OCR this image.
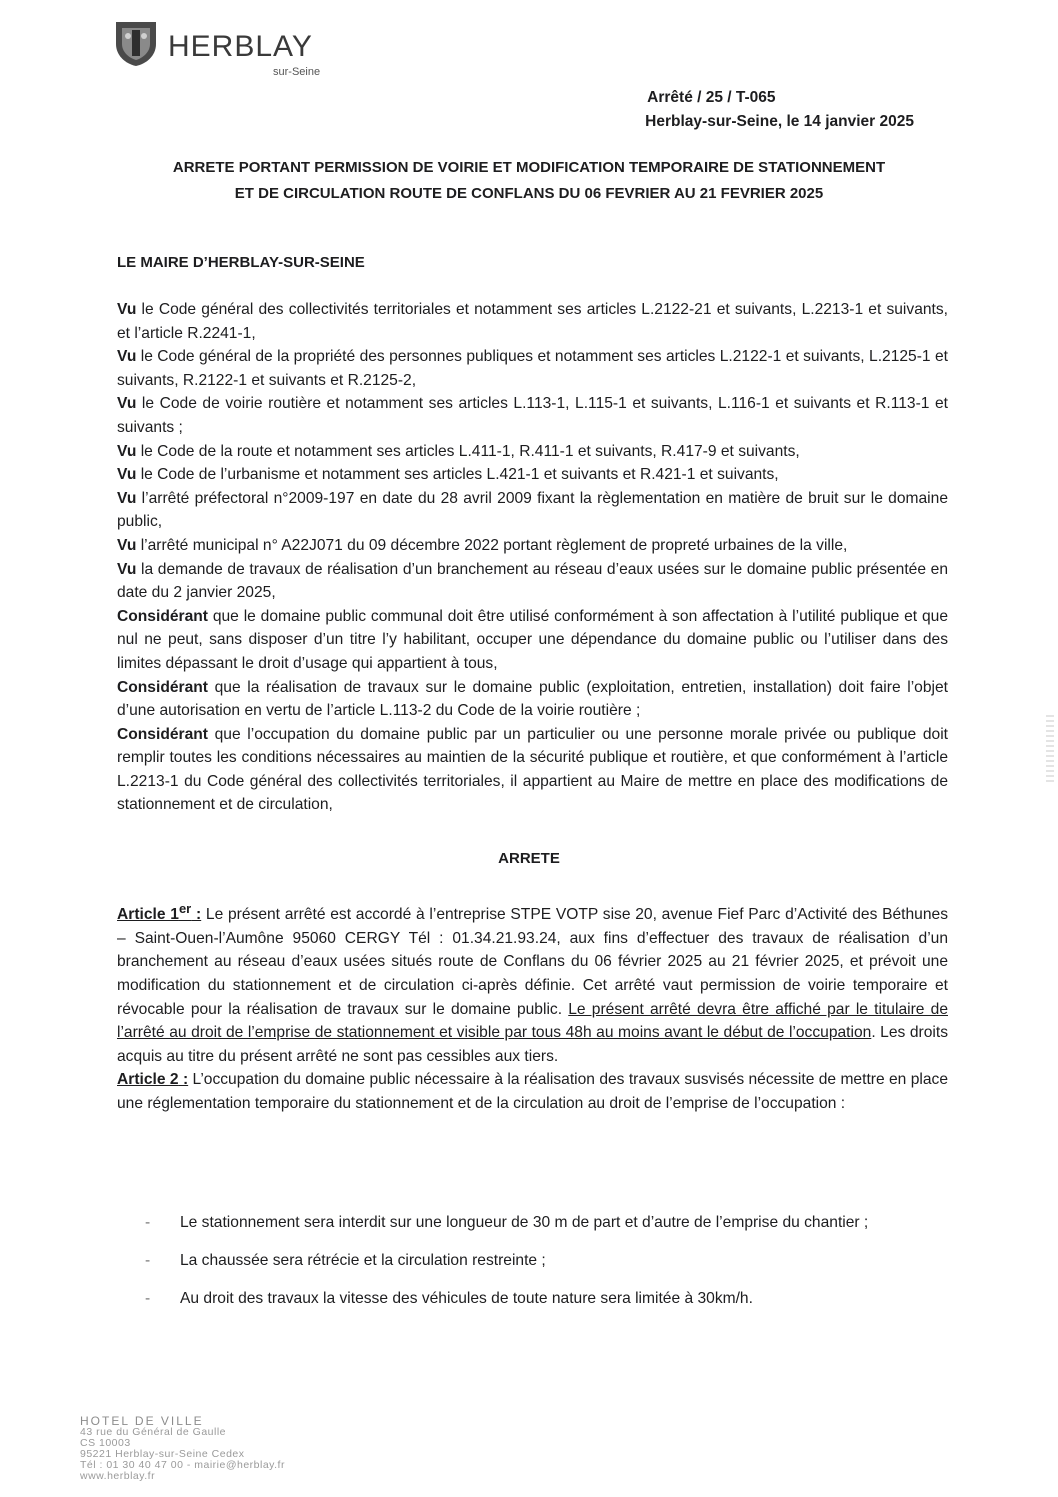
HERBLAY
sur-Seine
Arrêté / 25 / T-065
Herblay-sur-Seine, le 14 janvier 2025
ARRETE PORTANT PERMISSION DE VOIRIE ET MODIFICATION TEMPORAIRE DE STATIONNEMENT
ET DE CIRCULATION ROUTE DE CONFLANS DU 06 FEVRIER AU 21 FEVRIER 2025
LE MAIRE D’HERBLAY-SUR-SEINE

Vu le Code général des collectivités territoriales et notamment ses articles L.2122-21 et suivants, L.2213-1 et suivants, et l’article R.2241-1,

Vu le Code général de la propriété des personnes publiques et notamment ses articles L.2122-1 et suivants, L.2125-1 et suivants, R.2122-1 et suivants et R.2125-2,

Vu le Code de voirie routière et notamment ses articles L.113-1, L.115-1 et suivants, L.116-1 et suivants et R.113-1 et suivants ;

Vu le Code de la route et notamment ses articles L.411-1, R.411-1 et suivants, R.417-9 et suivants,

Vu le Code de l’urbanisme et notamment ses articles L.421-1 et suivants et R.421-1 et suivants,

Vu l’arrêté préfectoral n°2009-197 en date du 28 avril 2009 fixant la règlementation en matière de bruit sur le domaine public,

Vu l’arrêté municipal n° A22J071 du 09 décembre 2022 portant règlement de propreté urbaines de la ville,

Vu la demande de travaux de réalisation d’un branchement au réseau d’eaux usées sur le domaine public présentée en date du 2 janvier 2025,

Considérant que le domaine public communal doit être utilisé conformément à son affectation à l’utilité publique et que nul ne peut, sans disposer d’un titre l’y habilitant, occuper une dépendance du domaine public ou l’utiliser dans des limites dépassant le droit d’usage qui appartient à tous,

Considérant que la réalisation de travaux sur le domaine public (exploitation, entretien, installation) doit faire l’objet d’une autorisation en vertu de l’article L.113-2 du Code de la voirie routière ;

Considérant que l’occupation du domaine public par un particulier ou une personne morale privée ou publique doit remplir toutes les conditions nécessaires au maintien de la sécurité publique et routière, et que conformément à l’article L.2213-1 du Code général des collectivités territoriales, il appartient au Maire de mettre en place des modifications de stationnement et de circulation,

ARRETE

Article 1er : Le présent arrêté est accordé à l’entreprise STPE VOTP sise 20, avenue Fief Parc d’Activité des Béthunes – Saint-Ouen-l’Aumône 95060 CERGY Tél : 01.34.21.93.24, aux fins d’effectuer des travaux de réalisation d’un branchement au réseau d’eaux usées situés route de Conflans du 06 février 2025 au 21 février 2025, et prévoit une modification du stationnement et de circulation ci-après définie. Cet arrêté vaut permission de voirie temporaire et révocable pour la réalisation de travaux sur le domaine public. Le présent arrêté devra être affiché par le titulaire de l’arrêté au droit de l’emprise de stationnement et visible par tous 48h au moins avant le début de l’occupation. Les droits acquis au titre du présent arrêté ne sont pas cessibles aux tiers.

Article 2 : L’occupation du domaine public nécessaire à la réalisation des travaux susvisés nécessite de mettre en place une réglementation temporaire du stationnement et de la circulation au droit de l’emprise de l’occupation :

- Le stationnement sera interdit sur une longueur de 30 m de part et d’autre de l’emprise du chantier ;
- La chaussée sera rétrécie et la circulation restreinte ;
- Au droit des travaux la vitesse des véhicules de toute nature sera limitée à 30km/h.
HOTEL DE VILLE
43 rue du Général de Gaulle
CS 10003
95221 Herblay-sur-Seine Cedex
Tél : 01 30 40 47 00 - mairie@herblay.fr
www.herblay.fr
